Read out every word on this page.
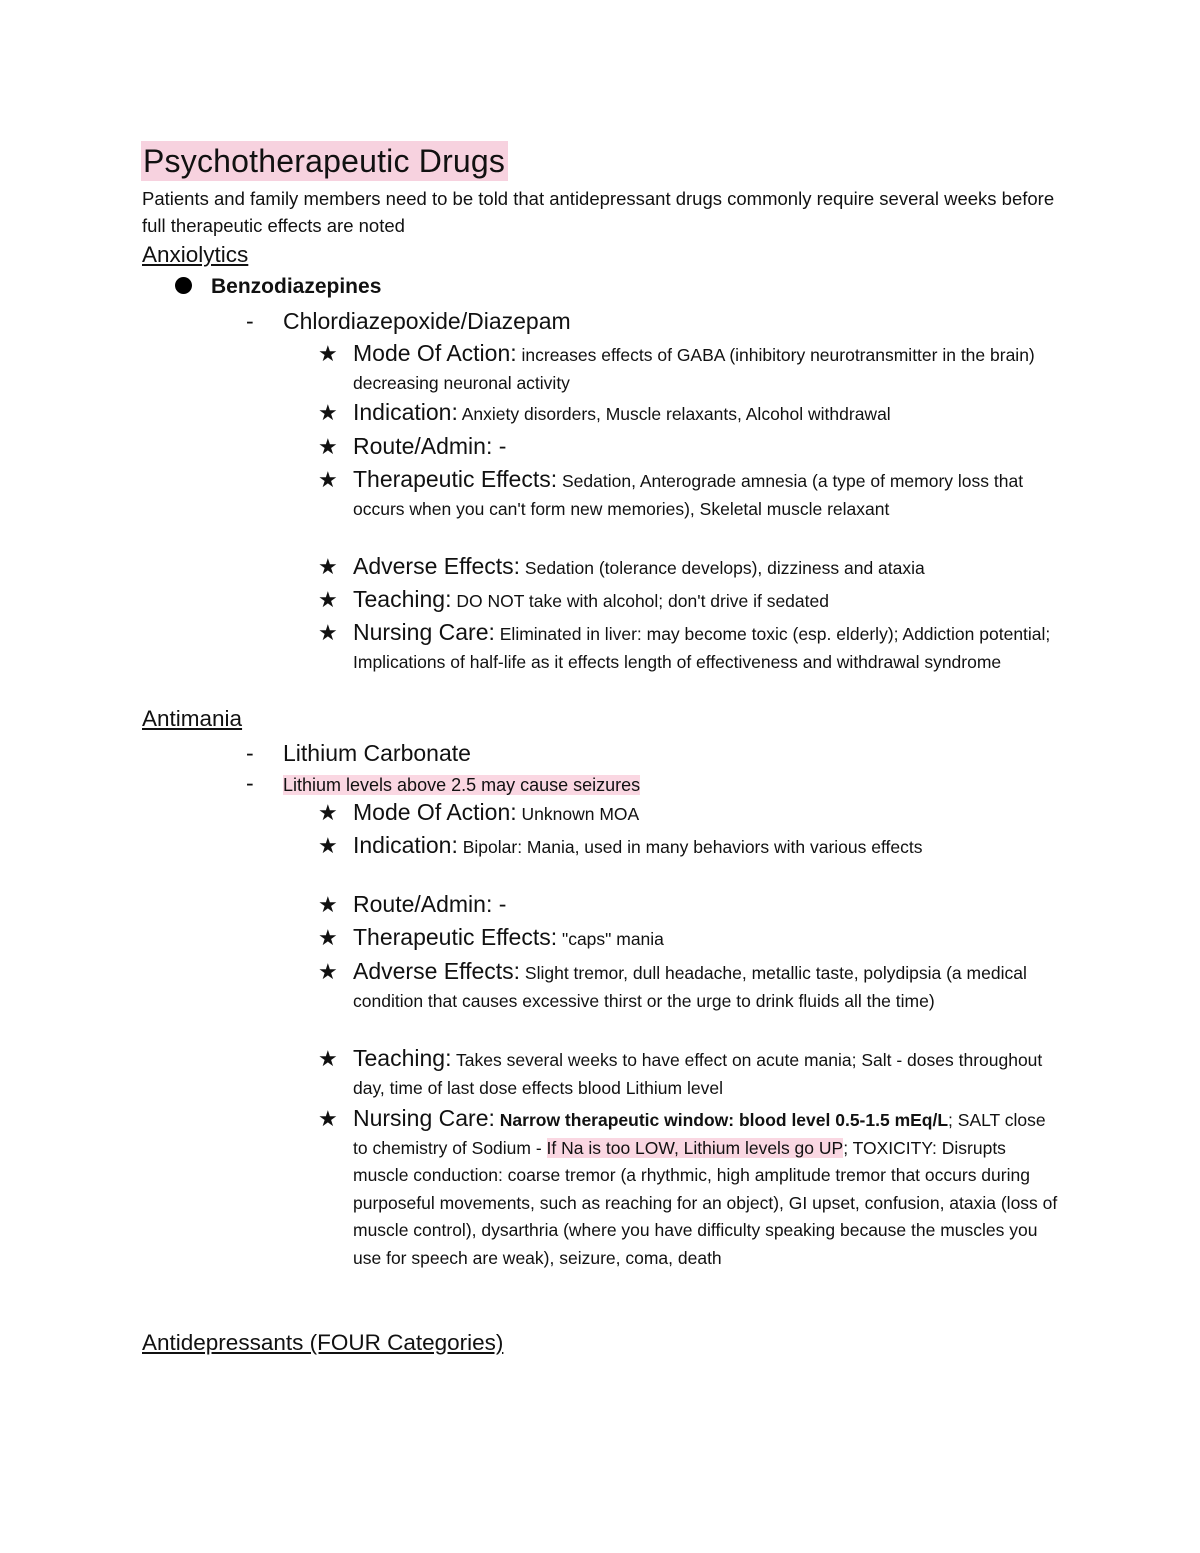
Psychotherapeutic Drugs
Patients and family members need to be told that antidepressant drugs commonly require several weeks before full therapeutic effects are noted
Anxiolytics
Benzodiazepines
- Chlordiazepoxide/Diazepam
★ Mode Of Action: increases effects of GABA (inhibitory neurotransmitter in the brain) decreasing neuronal activity
★ Indication: Anxiety disorders, Muscle relaxants, Alcohol withdrawal
★ Route/Admin: -
★ Therapeutic Effects: Sedation, Anterograde amnesia (a type of memory loss that occurs when you can't form new memories), Skeletal muscle relaxant
★ Adverse Effects: Sedation (tolerance develops), dizziness and ataxia
★ Teaching: DO NOT take with alcohol; don't drive if sedated
★ Nursing Care: Eliminated in liver: may become toxic (esp. elderly); Addiction potential; Implications of half-life as it effects length of effectiveness and withdrawal syndrome
Antimania
- Lithium Carbonate
- Lithium levels above 2.5 may cause seizures
★ Mode Of Action: Unknown MOA
★ Indication: Bipolar: Mania, used in many behaviors with various effects
★ Route/Admin: -
★ Therapeutic Effects: "caps" mania
★ Adverse Effects: Slight tremor, dull headache, metallic taste, polydipsia (a medical condition that causes excessive thirst or the urge to drink fluids all the time)
★ Teaching: Takes several weeks to have effect on acute mania; Salt - doses throughout day, time of last dose effects blood Lithium level
★ Nursing Care: Narrow therapeutic window: blood level 0.5-1.5 mEq/L; SALT close to chemistry of Sodium - If Na is too LOW, Lithium levels go UP; TOXICITY: Disrupts muscle conduction: coarse tremor (a rhythmic, high amplitude tremor that occurs during purposeful movements, such as reaching for an object), GI upset, confusion, ataxia (loss of muscle control), dysarthria (where you have difficulty speaking because the muscles you use for speech are weak), seizure, coma, death
Antidepressants (FOUR Categories)
